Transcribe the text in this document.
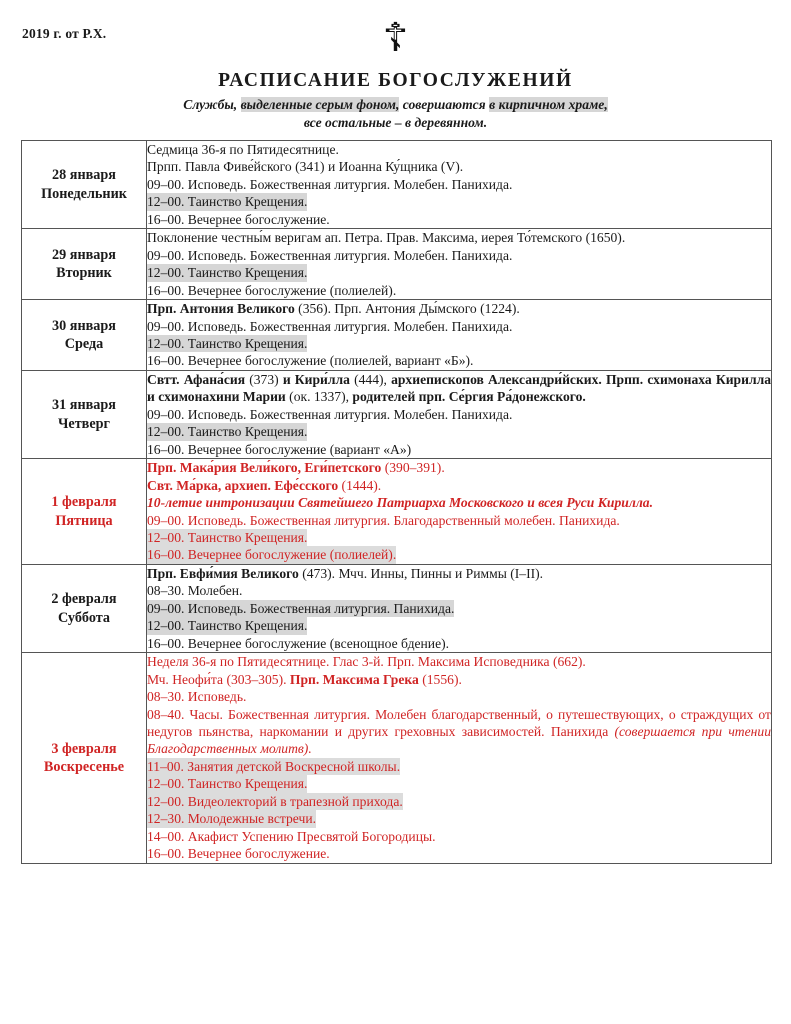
2019 г. от Р.Х.	☦
РАСПИСАНИЕ БОГОСЛУЖЕНИЙ
Службы, выделенные серым фоном, совершаются в кирпичном храме,
все остальные – в деревянном.
28 января
Понедельник

Седмица 36-я по Пятидесятнице.
Прпп. Павла Фиве́йского (341) и Иоанна Ку́щника (V).
09–00. Исповедь. Божественная литургия. Молебен. Панихида.
12–00. Таинство Крещения.
16–00. Вечернее богослужение.

29 января
Вторник

Поклонение честны́м веригам ап. Петра. Прав. Максима, иерея То́темского (1650).
09–00. Исповедь. Божественная литургия. Молебен. Панихида.
12–00. Таинство Крещения.
16–00. Вечернее богослужение (полиелей).

30 января
Среда

Прп. Антония Великого (356). Прп. Антония Ды́мского (1224).
09–00. Исповедь. Божественная литургия. Молебен. Панихида.
12–00. Таинство Крещения.
16–00. Вечернее богослужение (полиелей, вариант «Б»).

31 января
Четверг

Свтт. Афана́сия (373) и Кири́лла (444), архиепископов Александри́йских. Прпп. схимонаха Кирилла и схимонахини Марии (ок. 1337), родителей прп. Се́ргия Ра́донежского.
09–00. Исповедь. Божественная литургия. Молебен. Панихида.
12–00. Таинство Крещения.
16–00. Вечернее богослужение (вариант «А»)

1 февраля
Пятница

Прп. Мака́рия Вели́кого, Еги́петского (390–391).
Свт. Ма́рка, архиеп. Ефе́сского (1444).
10-летие интронизации Святейшего Патриарха Московского и всея Руси Кирилла.
09–00. Исповедь. Божественная литургия. Благодарственный молебен. Панихида.
12–00. Таинство Крещения.
16–00. Вечернее богослужение (полиелей).

2 февраля
Суббота

Прп. Евфи́мия Великого (473). Мчч. Инны, Пинны и Риммы (I–II).
08–30. Молебен.
09–00. Исповедь. Божественная литургия. Панихида.
12–00. Таинство Крещения.
16–00. Вечернее богослужение (всенощное бдение).

3 февраля
Воскресенье

Неделя 36-я по Пятидесятнице. Глас 3-й. Прп. Максима Исповедника (662).
Мч. Неофи́та (303–305). Прп. Максима Грека (1556).
08–30. Исповедь.
08–40. Часы. Божественная литургия. Молебен благодарственный, о путешествующих, о страждущих от недугов пьянства, наркомании и других греховных зависимостей. Панихида (совершается при чтении Благодарственных молитв).
11–00. Занятия детской Воскресной школы.
12–00. Таинство Крещения.
12–00. Видеолекторий в трапезной прихода.
12–30. Молодежные встречи.
14–00. Акафист Успению Пресвятой Богородицы.
16–00. Вечернее богослужение.
